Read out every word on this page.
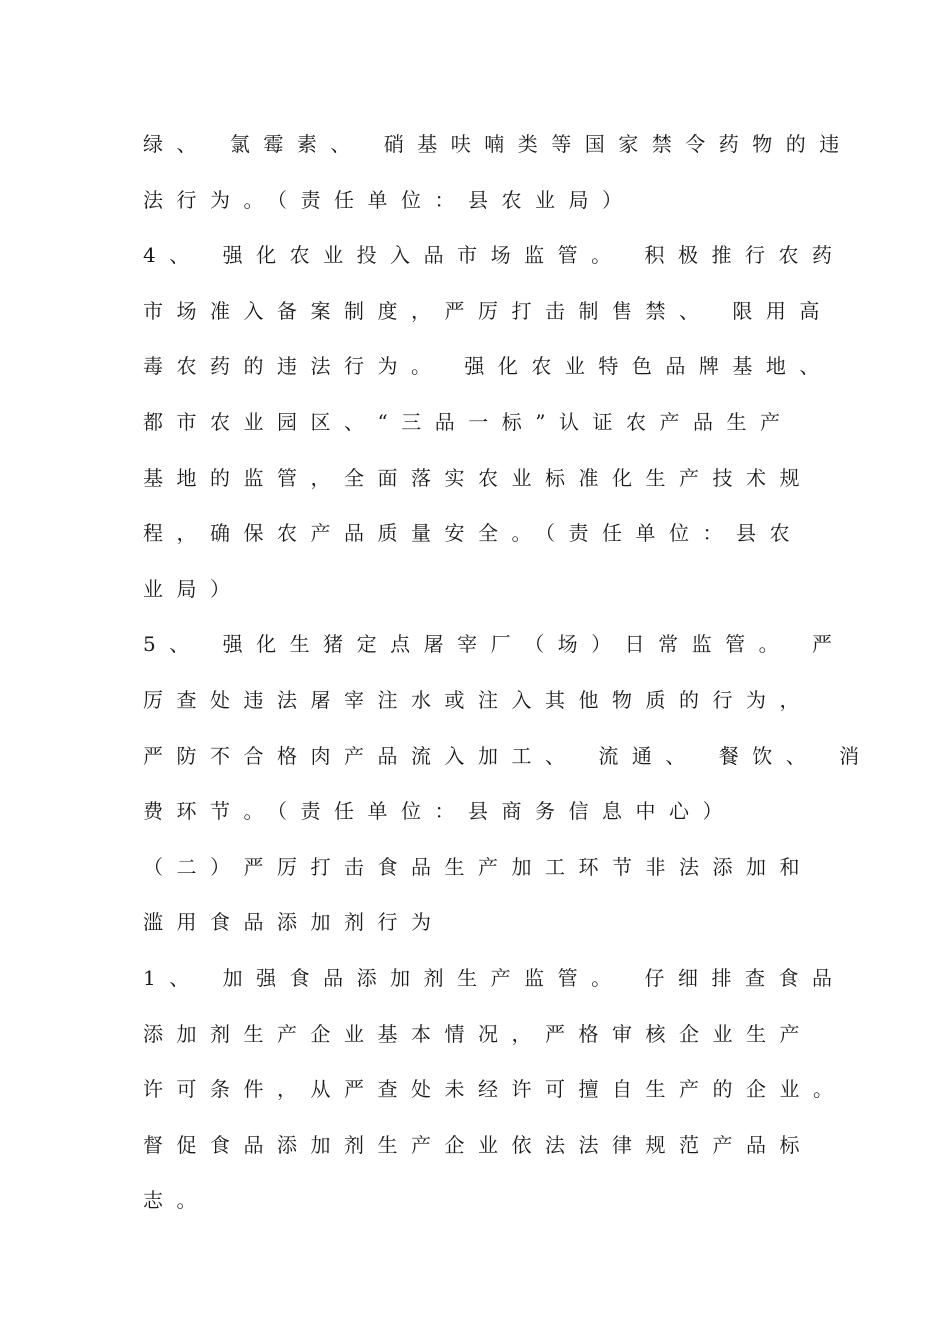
绿、 氯霉素、 硝基呋喃类等国家禁令药物的违
法行为。（责任单位：县农业局）
4、 强化农业投入品市场监管。 积极推行农药
市场准入备案制度，严厉打击制售禁、 限用高
毒农药的违法行为。 强化农业特色品牌基地、
都市农业园区、“三品一标”认证农产品生产
基地的监管，全面落实农业标准化生产技术规
程，确保农产品质量安全。（责任单位：县农
业局）
5、 强化生猪定点屠宰厂（场）日常监管。 严
厉查处违法屠宰注水或注入其他物质的行为，
严防不合格肉产品流入加工、 流通、 餐饮、 消
费环节。（责任单位：县商务信息中心）
（二）严厉打击食品生产加工环节非法添加和
滥用食品添加剂行为
1、 加强食品添加剂生产监管。 仔细排查食品
添加剂生产企业基本情况，严格审核企业生产
许可条件，从严查处未经许可擅自生产的企业。
督促食品添加剂生产企业依法法律规范产品标
志。
